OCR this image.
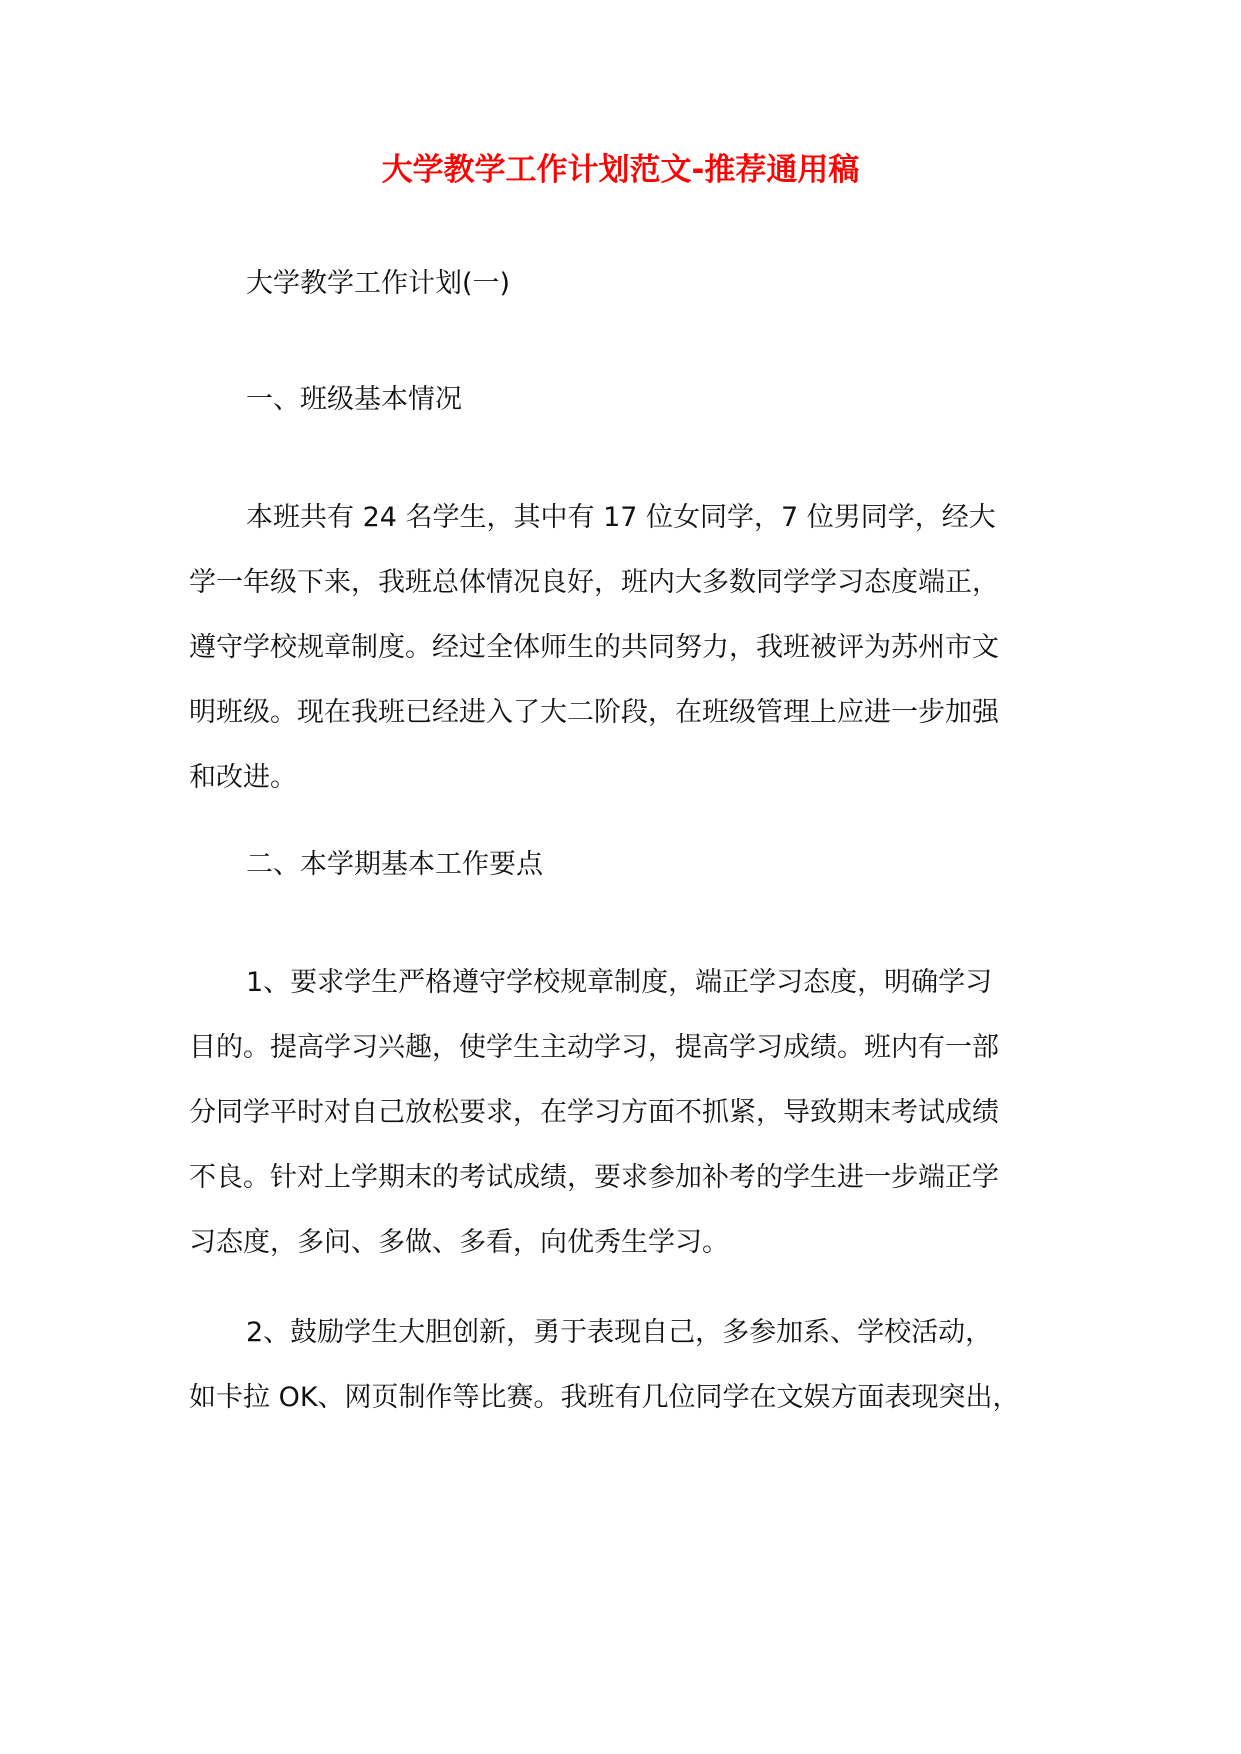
大学教学工作计划范文-推荐通用稿
大学教学工作计划(一)
一、班级基本情况
本班共有 24 名学生，其中有 17 位女同学，7 位男同学，经大
学一年级下来，我班总体情况良好，班内大多数同学学习态度端正，
遵守学校规章制度。经过全体师生的共同努力，我班被评为苏州市文
明班级。现在我班已经进入了大二阶段，在班级管理上应进一步加强
和改进。
二、本学期基本工作要点
1、要求学生严格遵守学校规章制度，端正学习态度，明确学习
目的。提高学习兴趣，使学生主动学习，提高学习成绩。班内有一部
分同学平时对自己放松要求，在学习方面不抓紧，导致期末考试成绩
不良。针对上学期末的考试成绩，要求参加补考的学生进一步端正学
习态度，多问、多做、多看，向优秀生学习。
2、鼓励学生大胆创新，勇于表现自己，多参加系、学校活动，
如卡拉 OK、网页制作等比赛。我班有几位同学在文娱方面表现突出，
